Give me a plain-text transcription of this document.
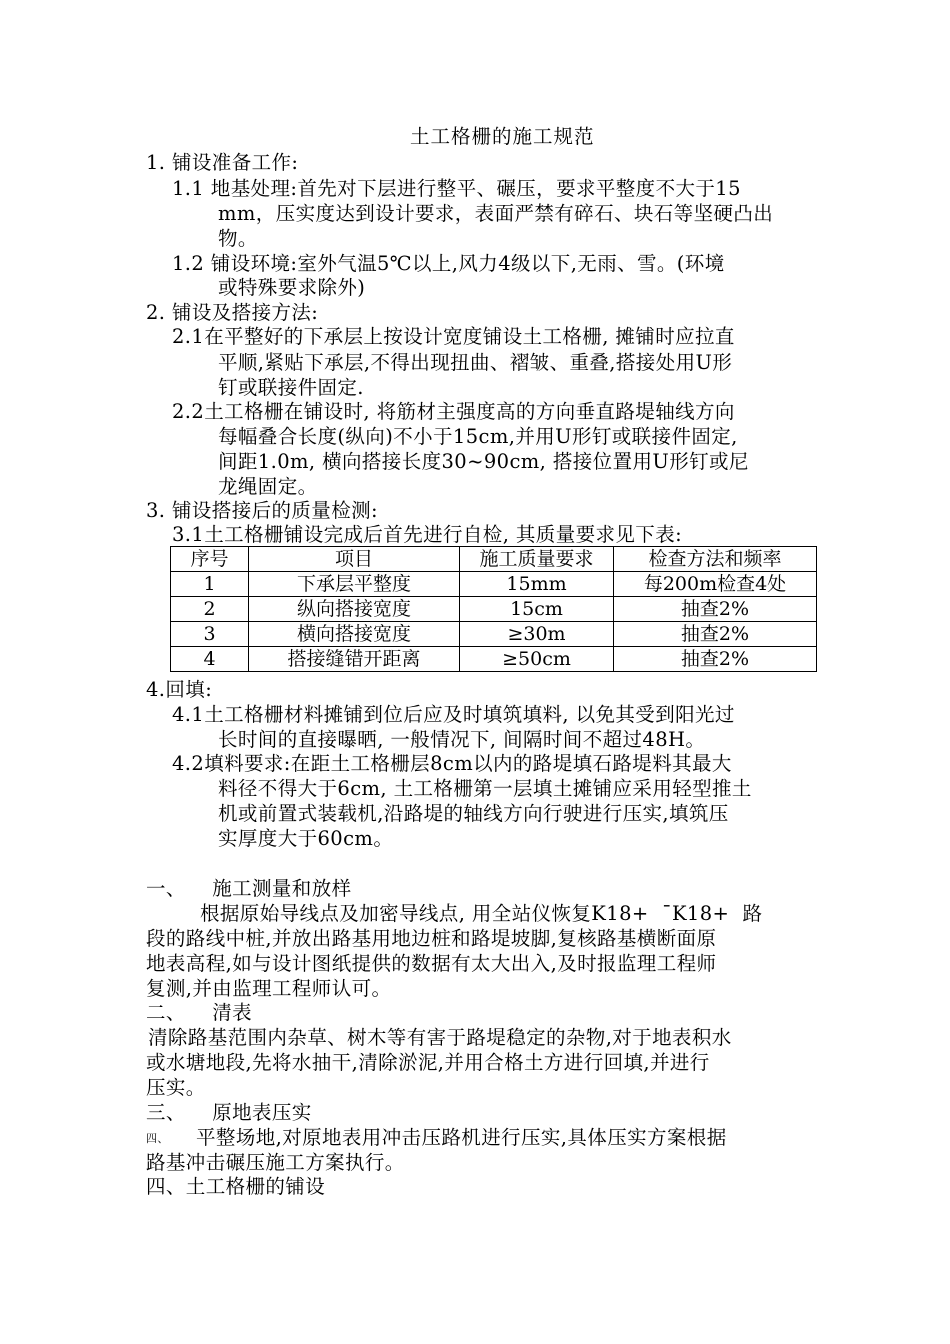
土工格栅的施工规范
1. 铺设准备工作:
1.1 地基处理:首先对下层进行整平、碾压，要求平整度不大于15
mm，压实度达到设计要求，表面严禁有碎石、块石等坚硬凸出
物。
1.2 铺设环境:室外气温5℃以上,风力4级以下,无雨、雪。(环境
或特殊要求除外)
2. 铺设及搭接方法:
2.1在平整好的下承层上按设计宽度铺设土工格栅, 摊铺时应拉直
平顺,紧贴下承层,不得出现扭曲、褶皱、重叠,搭接处用U形
钉或联接件固定.
2.2土工格栅在铺设时, 将筋材主强度高的方向垂直路堤轴线方向
每幅叠合长度(纵向)不小于15cm,并用U形钉或联接件固定,
间距1.0m, 横向搭接长度30~90cm, 搭接位置用U形钉或尼
龙绳固定。
3. 铺设搭接后的质量检测:
3.1土工格栅铺设完成后首先进行自检, 其质量要求见下表:
序号	项目	施工质量要求	检查方法和频率
1	下承层平整度	15mm	每200m检查4处
2	纵向搭接宽度	15cm	抽查2%
3	横向搭接宽度	≥30m	抽查2%
4	搭接缝错开距离	≥50cm	抽查2%
4.回填:
4.1土工格栅材料摊铺到位后应及时填筑填料, 以免其受到阳光过
长时间的直接曝晒, 一般情况下, 间隔时间不超过48H。
4.2填料要求:在距土工格栅层8cm以内的路堤填石路堤料其最大
料径不得大于6cm, 土工格栅第一层填土摊铺应采用轻型推土
机或前置式装载机,沿路堤的轴线方向行驶进行压实,填筑压
实厚度大于60cm。
一、    施工测量和放样
根据原始导线点及加密导线点, 用全站仪恢复K18+  ¯K18+  路
段的路线中桩,并放出路基用地边桩和路堤坡脚,复核路基横断面原
地表高程,如与设计图纸提供的数据有太大出入,及时报监理工程师
复测,并由监理工程师认可。
二、    清表
清除路基范围内杂草、树木等有害于路堤稳定的杂物,对于地表积水
或水塘地段,先将水抽干,清除淤泥,并用合格土方进行回填,并进行
压实。
三、    原地表压实
四、 平整场地,对原地表用冲击压路机进行压实,具体压实方案根据
路基冲击碾压施工方案执行。
四、土工格栅的铺设
